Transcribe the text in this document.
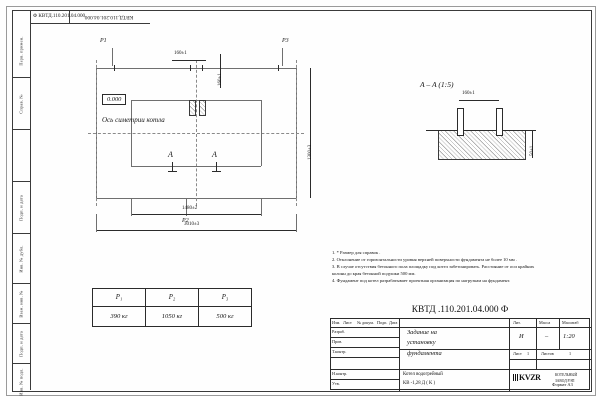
Перв. примен.
Справ. №
Подп. и дата
Инв. № дубл.
Взам. инв. №
Подп. и дата
Инв. № подл.
Ф КВТД.110.201.04.000 КВТД.110.201.04.000
P1	P3
P2
0.000
Ось симетрии котла
A	A
160±1
160±1
1300±3
1480±2
3010±3
A – A (1:5)
160±1
50±1
1. * Размер для справок .
2. Отклонение от горизонтальноcти уровня верхней поверхности фундамента не более 10 мм .
3. В случае отсутствия бетонного пола площадку под котел забетонировать. Расстояние от оси крайних колонн до края бетонной подушки 500 мм.
4. Фундамент под котел разрабатывает проектная организация по нагрузкам на фундамент.
P₁	P₂	P₃
390 кг	1050 кг	500 кг
КВТД .110.201.04.000 Ф
Изм. Лист № докум. Подп. Дата
Разраб.
Пров.
Т.контр.
Н.контр.
Утв.
Задание на
установку
фундамента
Лит.	Масса	Масштаб
И	– 1:20
Лист 1	Листов	1
Котел водогрейный
КВ -1,28 Д ( К )
KVZR	КОТЕЛЬНЫЙ
ЗАВОД РЭП
Формат А3
